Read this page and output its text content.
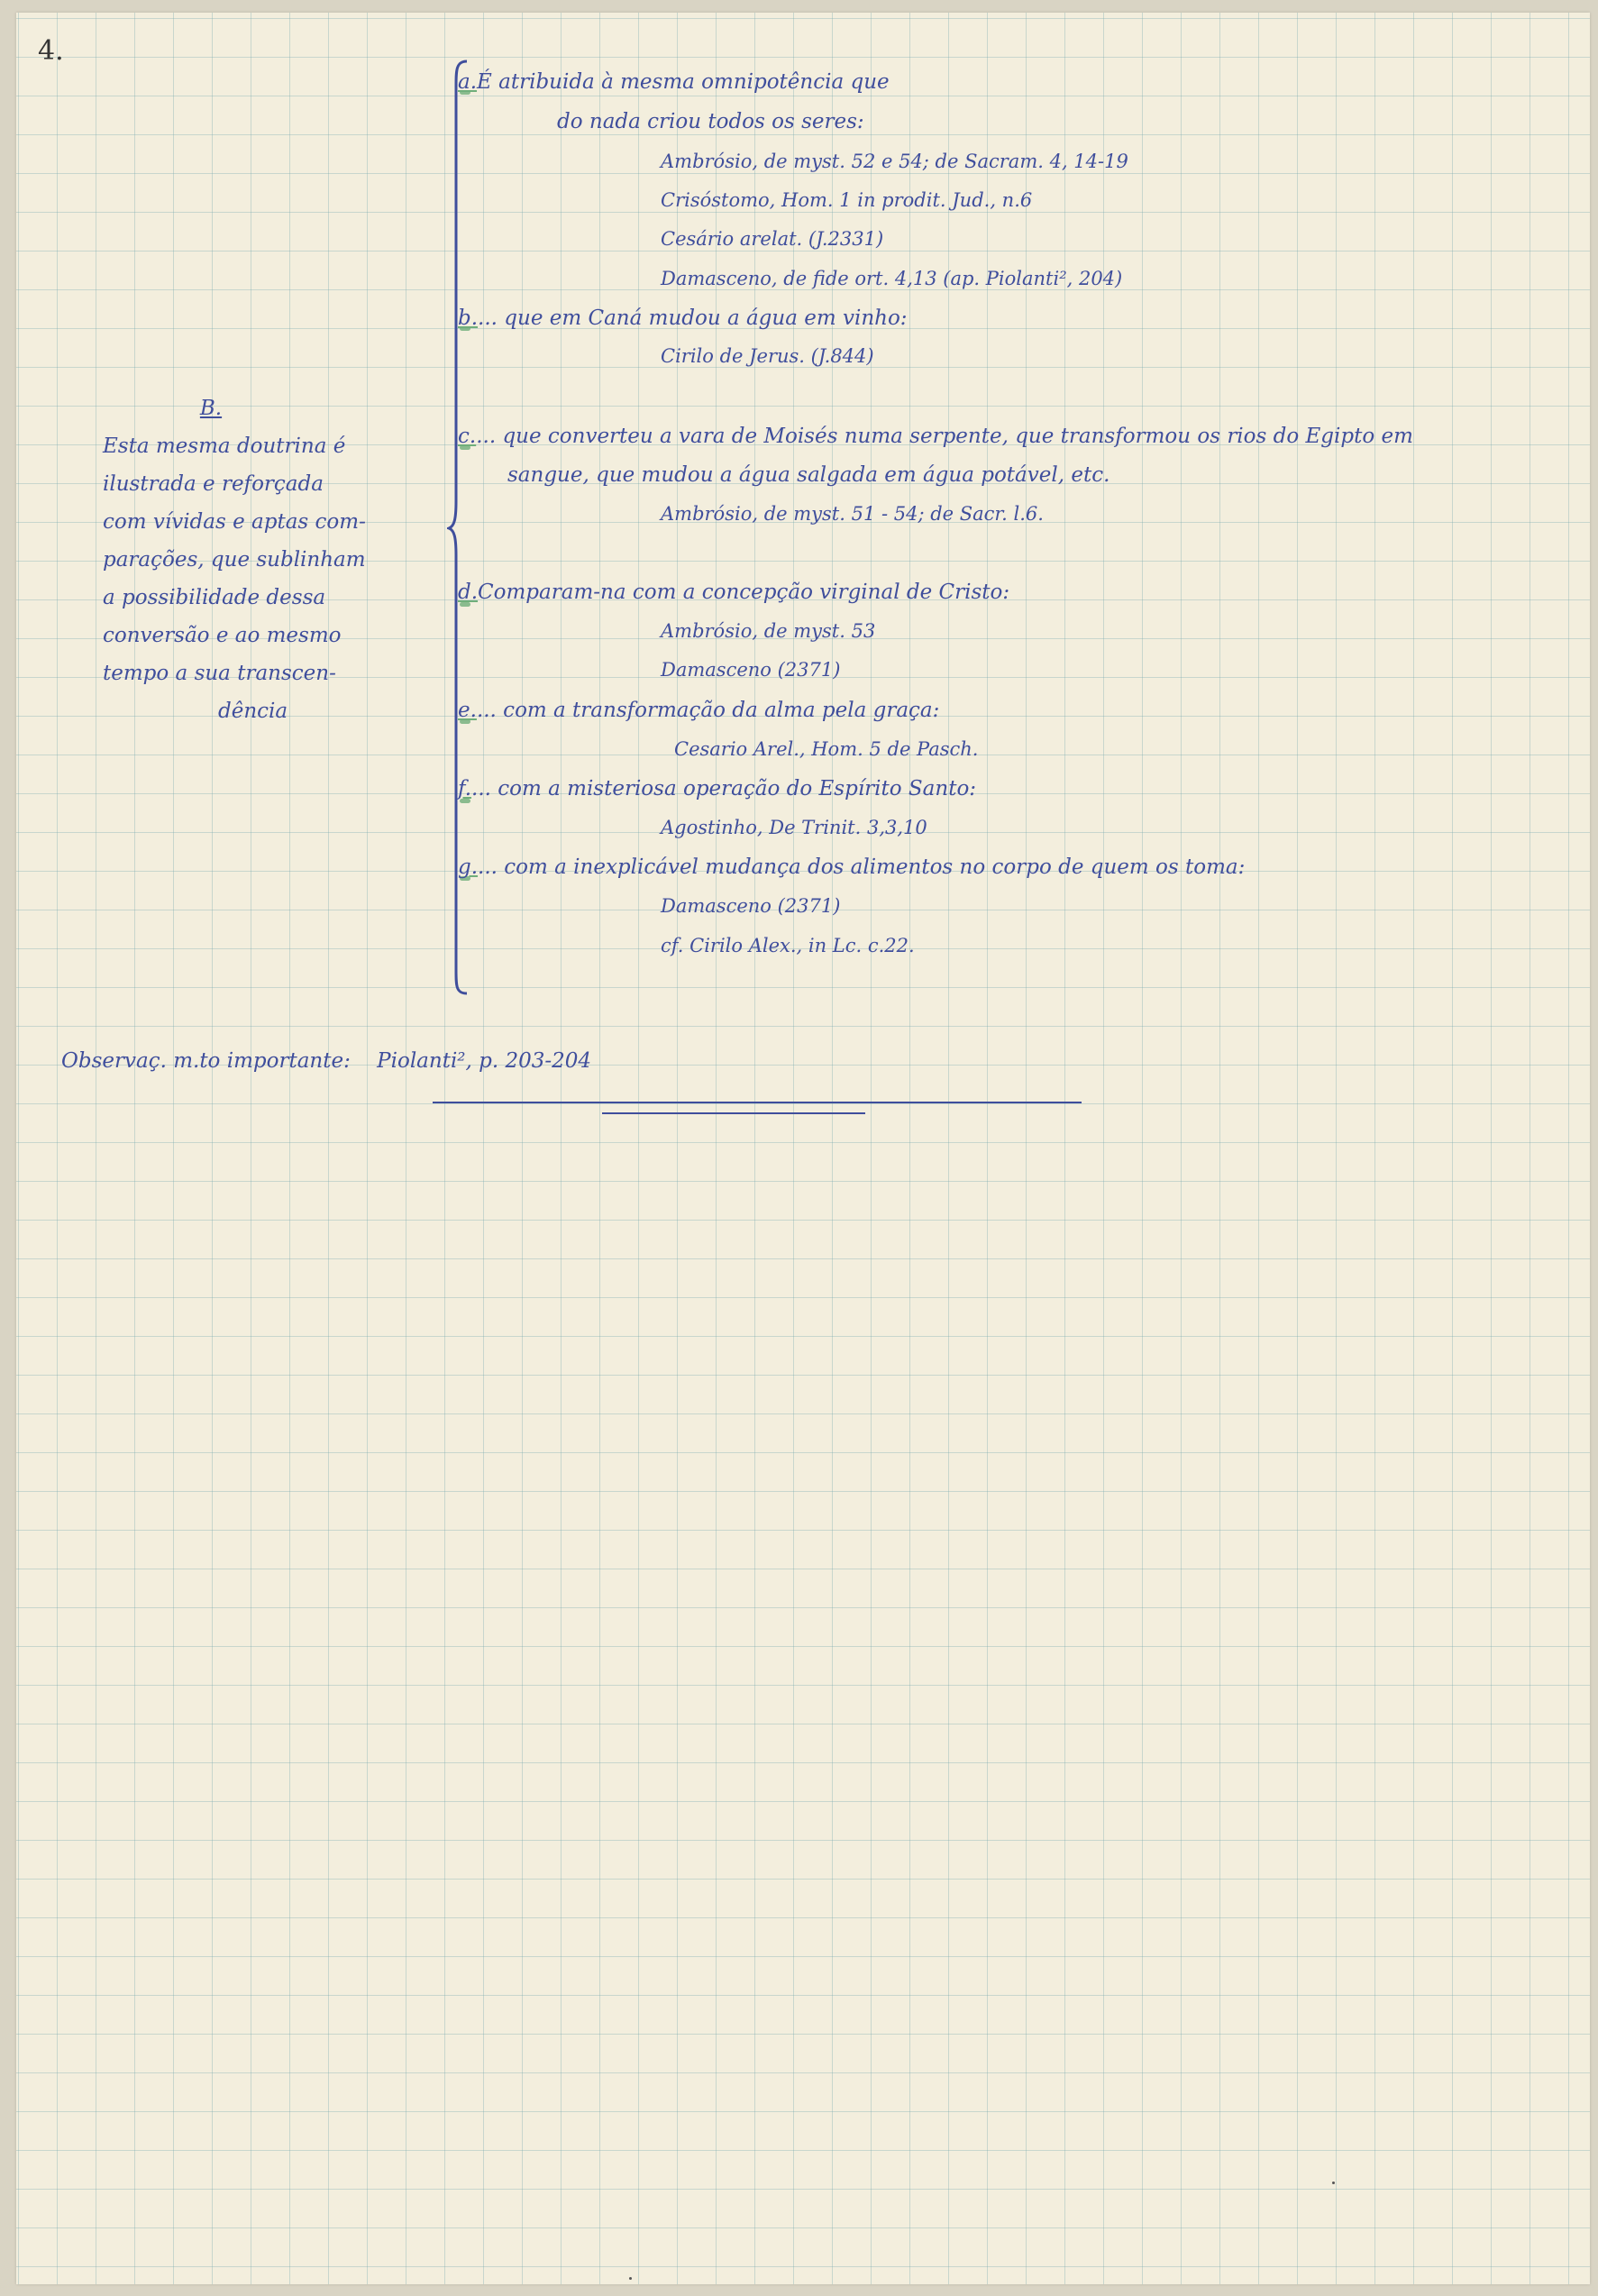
4.
B.
Esta mesma doutrina é
ilustrada e reforçada
com vívidas e aptas com-
parações, que sublinham
a possibilidade dessa
conversão e ao mesmo
tempo a sua transcen-
dência
a.É atribuida à mesma omnipotência que
do nada criou todos os seres:
Ambrósio, de myst. 52 e 54; de Sacram. 4, 14-19
Crisóstomo, Hom. 1 in prodit. Jud., n.6
Cesário arelat. (J.2331)
Damasceno, de fide ort. 4,13 (ap. Piolanti², 204)
b.... que em Caná mudou a água em vinho:
Cirilo de Jerus. (J.844)
c.... que converteu a vara de Moisés numa serpente, que transformou os rios do Egipto em
sangue, que mudou a água salgada em água potável, etc.
Ambrósio, de myst. 51 - 54; de Sacr. l.6.
d.Comparam-na com a concepção virginal de Cristo:
Ambrósio, de myst. 53
Damasceno (2371)
e.... com a transformação da alma pela graça:
Cesario Arel., Hom. 5 de Pasch.
f.... com a misteriosa operação do Espírito Santo:
Agostinho, De Trinit. 3,3,10
g.... com a inexplicável mudança dos alimentos no corpo de quem os toma:
Damasceno (2371)
cf. Cirilo Alex., in Lc. c.22.
Observaç. m.to importante: Piolanti², p. 203-204
